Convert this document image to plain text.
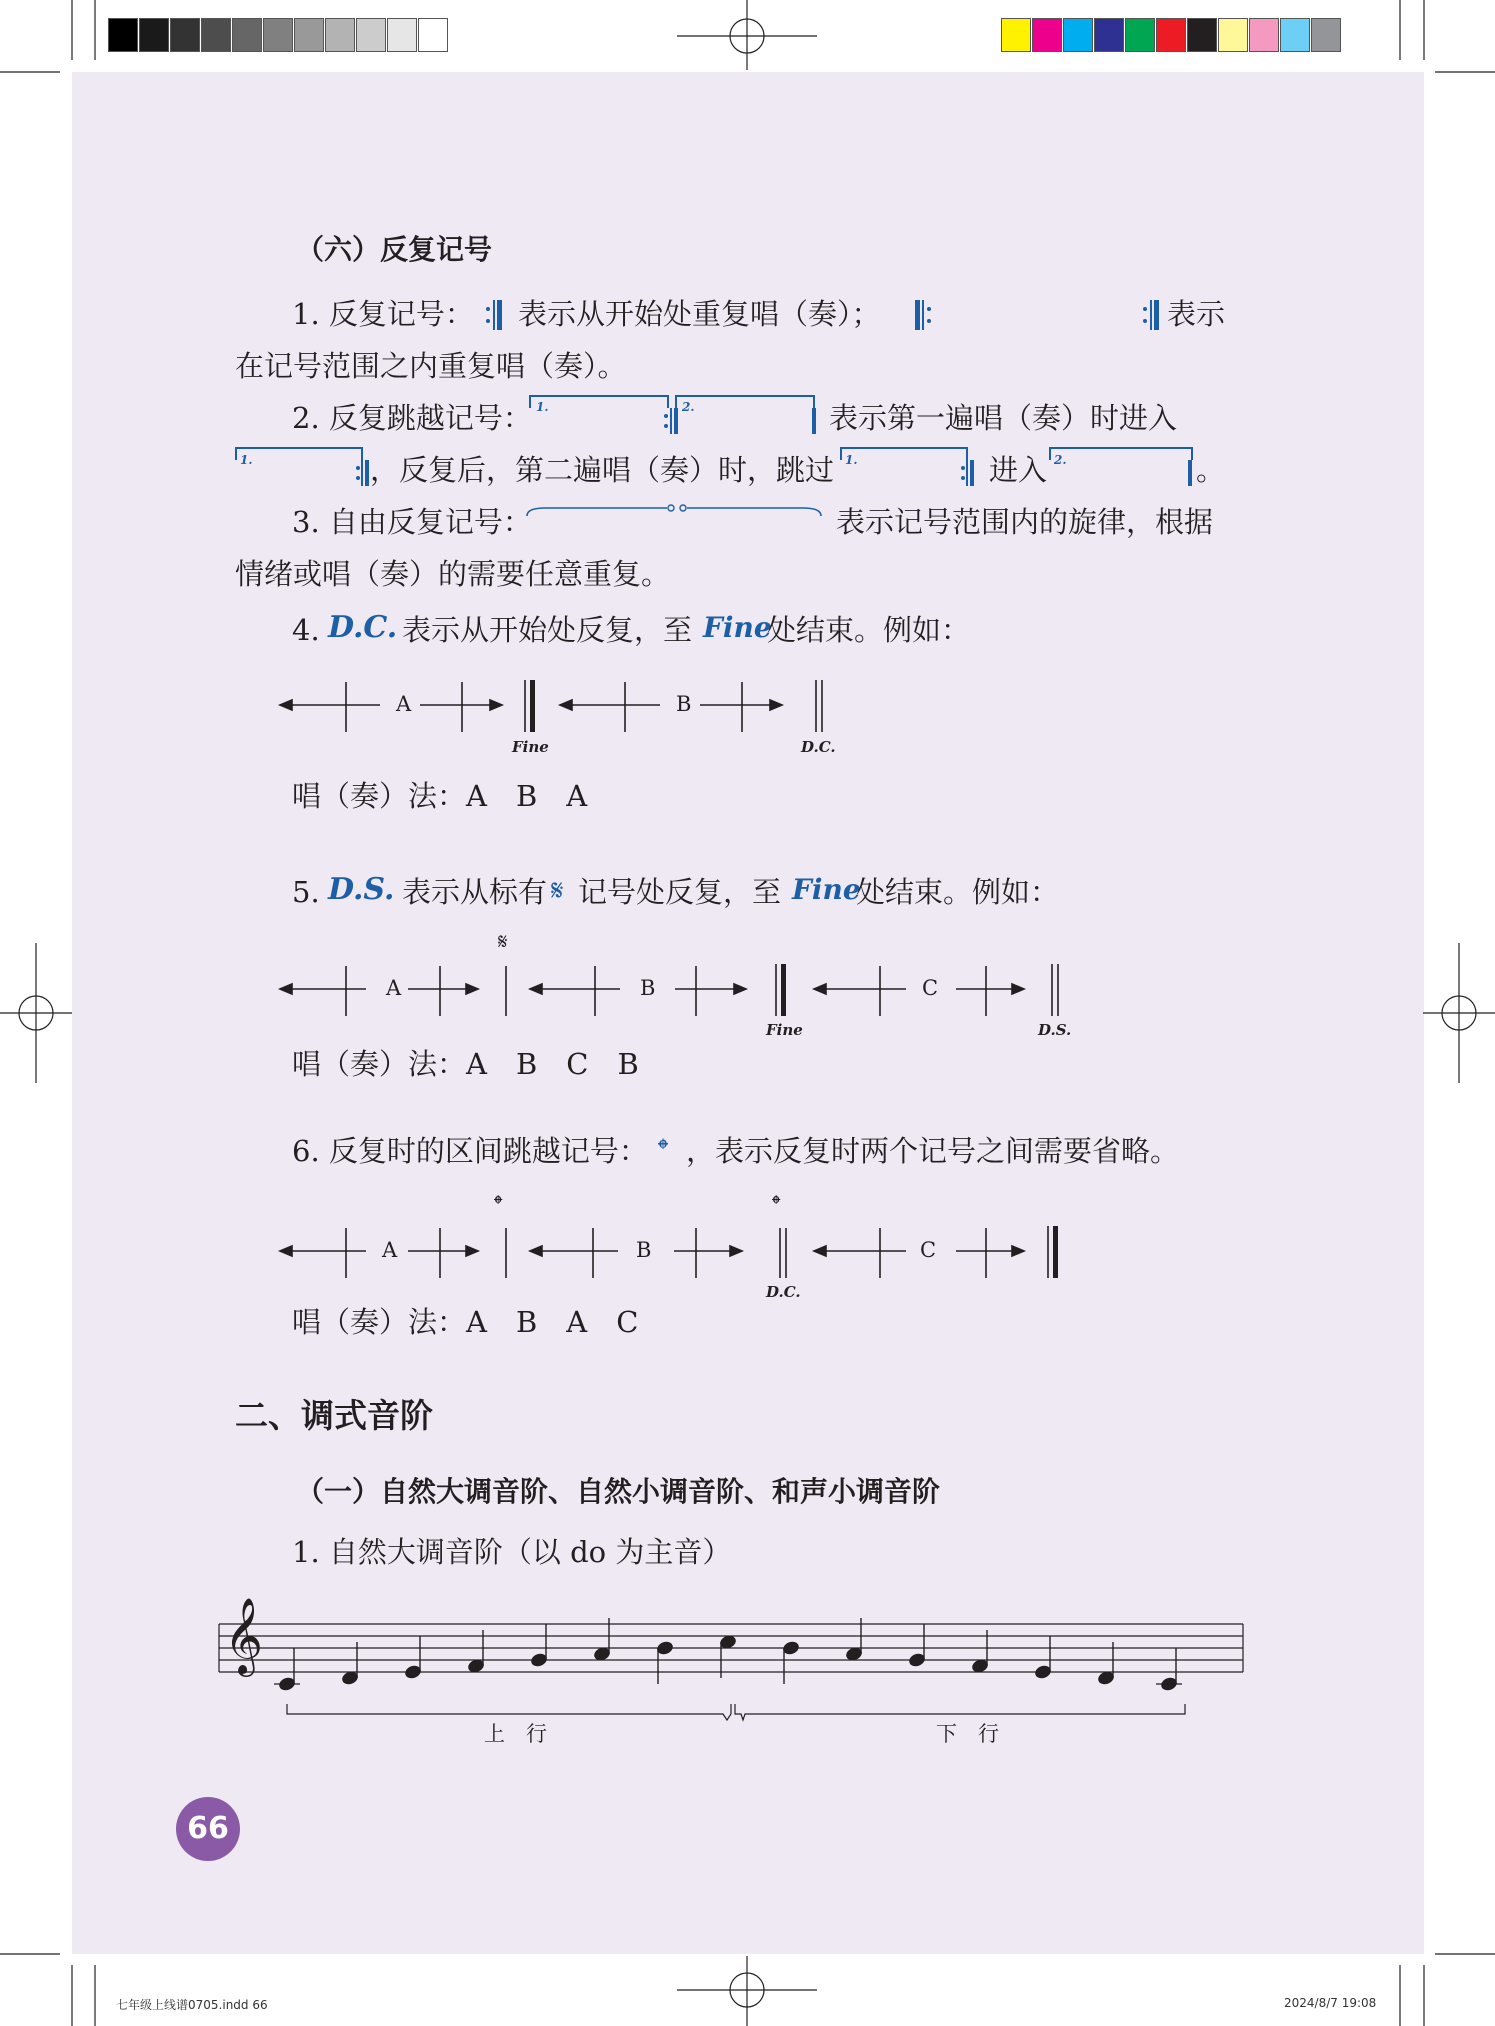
（六）反复记号
1. 反复记号： 表示从开始处重复唱（奏）；	表示
在记号范围之内重复唱（奏）。
2. 反复跳越记号： 1.	2.	表示第一遍唱（奏）时进入
1.	，反复后，第二遍唱（奏）时，跳过 1.	进入 2.	。
3. 自由反复记号：	表示记号范围内的旋律，根据
情绪或唱（奏）的需要任意重复。
4. D.C. 表示从开始处反复，至 Fine
处结束。例如：
A	B
Fine	D.C.
唱（奏）法：A　B　A
5. D.S. 表示从标有 𝄋 记号处反复，至 Fine
处结束。例如：
𝄋
A	B	C
Fine	D.S.
唱（奏）法：A　B　C　B
6. 反复时的区间跳越记号： 𝄌 ，表示反复时两个记号之间需要省略。
𝄌	𝄌
A	B	C
D.C.
唱（奏）法：A　B　A　C
二、调式音阶
（一）自然大调音阶、自然小调音阶、和声小调音阶
1. 自然大调音阶（以 do 为主音）
𝄞
上　行	下　行
66
七年级上线谱0705.indd 66	2024/8/7 19:08
